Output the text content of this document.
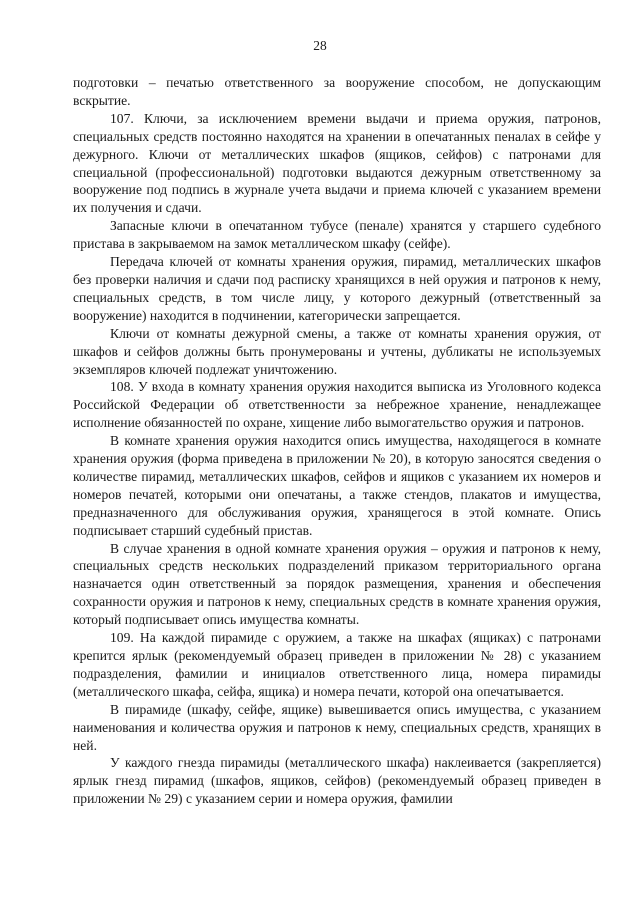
28

подготовки – печатью ответственного за вооружение способом, не допускающим вскрытие.

107. Ключи, за исключением времени выдачи и приема оружия, патронов, специальных средств постоянно находятся на хранении в опечатанных пеналах в сейфе у дежурного. Ключи от металлических шкафов (ящиков, сейфов) с патронами для специальной (профессиональной) подготовки выдаются дежурным ответственному за вооружение под подпись в журнале учета выдачи и приема ключей с указанием времени их получения и сдачи.

Запасные ключи в опечатанном тубусе (пенале) хранятся у старшего судебного пристава в закрываемом на замок металлическом шкафу (сейфе).

Передача ключей от комнаты хранения оружия, пирамид, металлических шкафов без проверки наличия и сдачи под расписку хранящихся в ней оружия и патронов к нему, специальных средств, в том числе лицу, у которого дежурный (ответственный за вооружение) находится в подчинении, категорически запрещается.

Ключи от комнаты дежурной смены, а также от комнаты хранения оружия, от шкафов и сейфов должны быть пронумерованы и учтены, дубликаты не используемых экземпляров ключей подлежат уничтожению.

108. У входа в комнату хранения оружия находится выписка из Уголовного кодекса Российской Федерации об ответственности за небрежное хранение, ненадлежащее исполнение обязанностей по охране, хищение либо вымогательство оружия и патронов.

В комнате хранения оружия находится опись имущества, находящегося в комнате хранения оружия (форма приведена в приложении № 20), в которую заносятся сведения о количестве пирамид, металлических шкафов, сейфов и ящиков с указанием их номеров и номеров печатей, которыми они опечатаны, а также стендов, плакатов и имущества, предназначенного для обслуживания оружия, хранящегося в этой комнате. Опись подписывает старший судебный пристав.

В случае хранения в одной комнате хранения оружия – оружия и патронов к нему, специальных средств нескольких подразделений приказом территориального органа назначается один ответственный за порядок размещения, хранения и обеспечения сохранности оружия и патронов к нему, специальных средств в комнате хранения оружия, который подписывает опись имущества комнаты.

109. На каждой пирамиде с оружием, а также на шкафах (ящиках) с патронами крепится ярлык (рекомендуемый образец приведен в приложении № 28) с указанием подразделения, фамилии и инициалов ответственного лица, номера пирамиды (металлического шкафа, сейфа, ящика) и номера печати, которой она опечатывается.

В пирамиде (шкафу, сейфе, ящике) вывешивается опись имущества, с указанием наименования и количества оружия и патронов к нему, специальных средств, хранящих в ней.

У каждого гнезда пирамиды (металлического шкафа) наклеивается (закрепляется) ярлык гнезд пирамид (шкафов, ящиков, сейфов) (рекомендуемый образец приведен в приложении № 29) с указанием серии и номера оружия, фамилии
